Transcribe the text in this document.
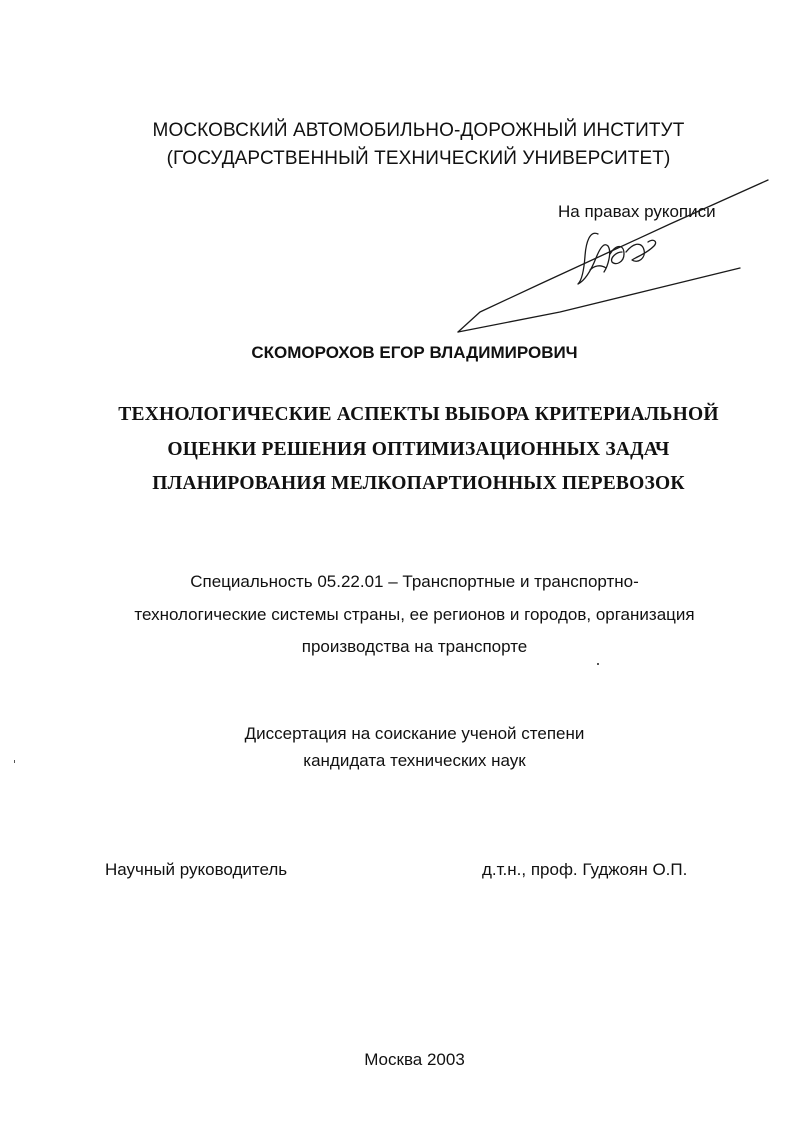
МОСКОВСКИЙ АВТОМОБИЛЬНО-ДОРОЖНЫЙ ИНСТИТУТ

(ГОСУДАРСТВЕННЫЙ ТЕХНИЧЕСКИЙ УНИВЕРСИТЕТ)

На правах рукописи

СКОМОРОХОВ ЕГОР ВЛАДИМИРОВИЧ

ТЕХНОЛОГИЧЕСКИЕ АСПЕКТЫ ВЫБОРА КРИТЕРИАЛЬНОЙ

ОЦЕНКИ РЕШЕНИЯ ОПТИМИЗАЦИОННЫХ ЗАДАЧ

ПЛАНИРОВАНИЯ МЕЛКОПАРТИОННЫХ ПЕРЕВОЗОК

Специальность 05.22.01 – Транспортные и транспортно-

технологические системы страны, ее регионов и городов, организация

производства на транспорте

Диссертация на соискание ученой степени

кандидата технических наук

Научный руководитель	д.т.н., проф. Гуджоян О.П.

Москва 2003
